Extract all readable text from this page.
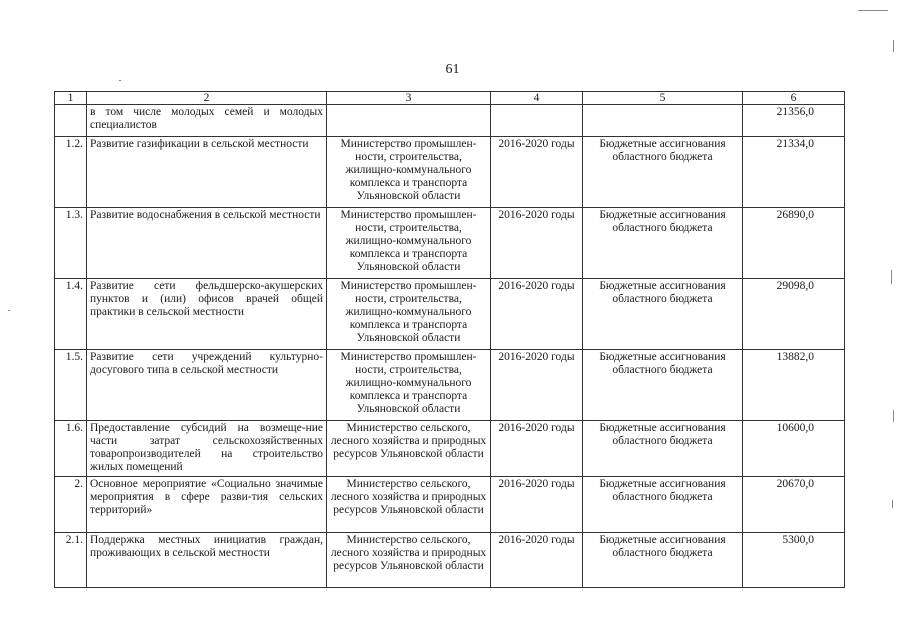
61
1	2	3	4	5	6
	в том числе молодых семей и молодых специалистов				21356,0
1.2.	Развитие газификации в сельской местности	Министерство промышлен-ности, строительства, жилищно-коммунального комплекса и транспорта Ульяновской области	2016-2020 годы	Бюджетные ассигнования областного бюджета	21334,0
1.3.	Развитие водоснабжения в сельской местности	Министерство промышлен-ности, строительства, жилищно-коммунального комплекса и транспорта Ульяновской области	2016-2020 годы	Бюджетные ассигнования областного бюджета	26890,0
1.4.	Развитие сети фельдшерско-акушерских пунктов и (или) офисов врачей общей практики в сельской местности	Министерство промышлен-ности, строительства, жилищно-коммунального комплекса и транспорта Ульяновской области	2016-2020 годы	Бюджетные ассигнования областного бюджета	29098,0
1.5.	Развитие сети учреждений культурно-досугового типа в сельской местности	Министерство промышлен-ности, строительства, жилищно-коммунального комплекса и транспорта Ульяновской области	2016-2020 годы	Бюджетные ассигнования областного бюджета	13882,0
1.6.	Предоставление субсидий на возмеще-ние части затрат сельскохозяйственных товаропроизводителей на строительство жилых помещений	Министерство сельского, лесного хозяйства и природных ресурсов Ульяновской области	2016-2020 годы	Бюджетные ассигнования областного бюджета	10600,0
2.	Основное мероприятие «Социально значимые мероприятия в сфере разви-тия сельских территорий»	Министерство сельского, лесного хозяйства и природных ресурсов Ульяновской области	2016-2020 годы	Бюджетные ассигнования областного бюджета	20670,0
2.1.	Поддержка местных инициатив граждан, проживающих в сельской местности	Министерство сельского, лесного хозяйства и природных ресурсов Ульяновской области	2016-2020 годы	Бюджетные ассигнования областного бюджета	5300,0
